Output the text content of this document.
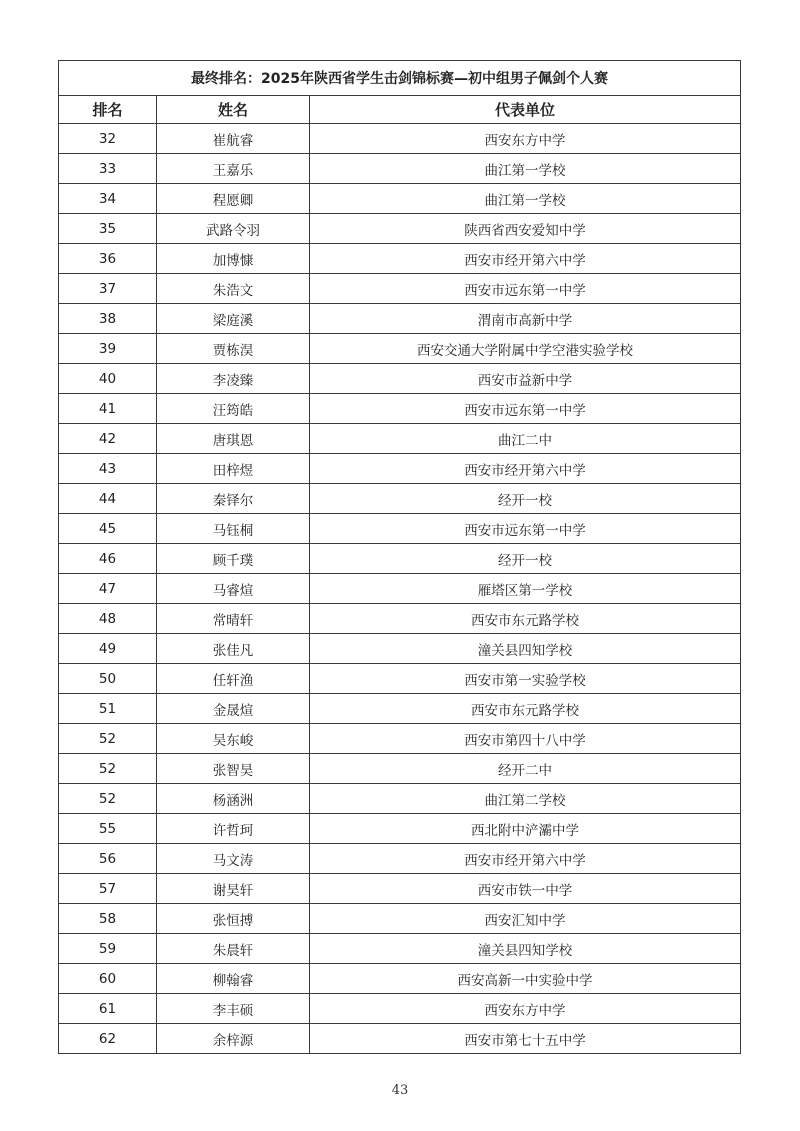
最终排名：2025年陕西省学生击剑锦标赛—初中组男子佩剑个人赛		
排名	姓名	代表单位
32	崔航睿	西安东方中学
33	王嘉乐	曲江第一学校
34	程愿卿	曲江第一学校
35	武路令羽	陕西省西安爱知中学
36	加博慷	西安市经开第六中学
37	朱浩文	西安市远东第一中学
38	梁庭溪	渭南市高新中学
39	贾栋淏	西安交通大学附属中学空港实验学校
40	李凌臻	西安市益新中学
41	汪筠皓	西安市远东第一中学
42	唐琪恩	曲江二中
43	田梓煜	西安市经开第六中学
44	秦铎尔	经开一校
45	马钰桐	西安市远东第一中学
46	顾千璞	经开一校
47	马睿煊	雁塔区第一学校
48	常晴轩	西安市东元路学校
49	张佳凡	潼关县四知学校
50	任轩渔	西安市第一实验学校
51	金晟煊	西安市东元路学校
52	吴东峻	西安市第四十八中学
52	张智昊	经开二中
52	杨涵洲	曲江第二学校
55	许哲珂	西北附中浐灞中学
56	马文涛	西安市经开第六中学
57	谢昊轩	西安市铁一中学
58	张恒搏	西安汇知中学
59	朱晨轩	潼关县四知学校
60	柳翰睿	西安高新一中实验中学
61	李丰硕	西安东方中学
62	余梓源	西安市第七十五中学
43
